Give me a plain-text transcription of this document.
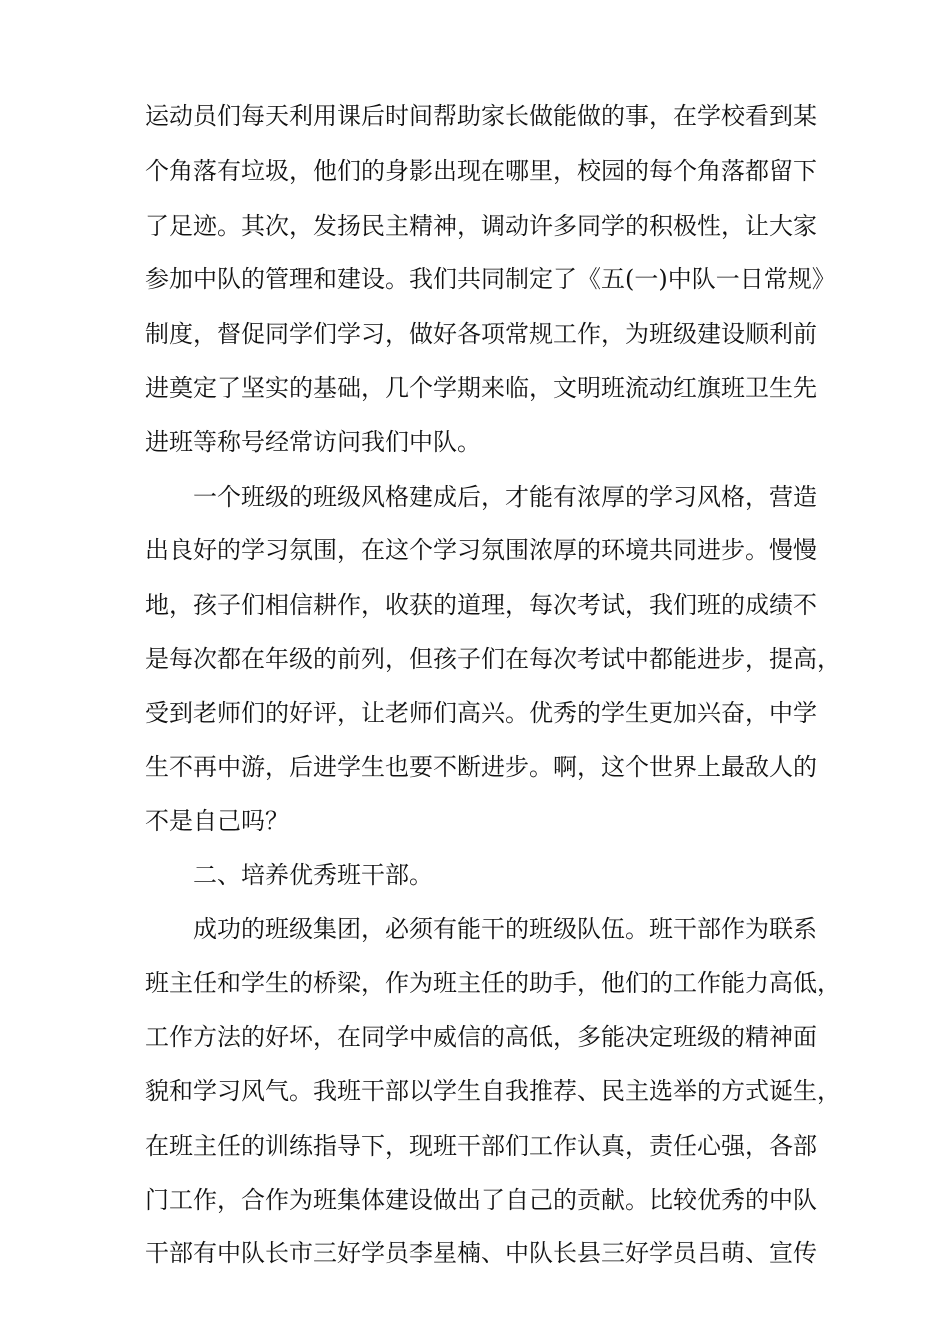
运动员们每天利用课后时间帮助家长做能做的事，在学校看到某
个角落有垃圾，他们的身影出现在哪里，校园的每个角落都留下
了足迹。其次，发扬民主精神，调动许多同学的积极性，让大家
参加中队的管理和建设。我们共同制定了《五(一)中队一日常规》
制度，督促同学们学习，做好各项常规工作，为班级建设顺利前
进奠定了坚实的基础，几个学期来临，文明班流动红旗班卫生先
进班等称号经常访问我们中队。
一个班级的班级风格建成后，才能有浓厚的学习风格，营造
出良好的学习氛围，在这个学习氛围浓厚的环境共同进步。慢慢
地，孩子们相信耕作，收获的道理，每次考试，我们班的成绩不
是每次都在年级的前列，但孩子们在每次考试中都能进步，提高，
受到老师们的好评，让老师们高兴。优秀的学生更加兴奋，中学
生不再中游，后进学生也要不断进步。啊，这个世界上最敌人的
不是自己吗？
二、培养优秀班干部。
成功的班级集团，必须有能干的班级队伍。班干部作为联系
班主任和学生的桥梁，作为班主任的助手，他们的工作能力高低，
工作方法的好坏，在同学中威信的高低，多能决定班级的精神面
貌和学习风气。我班干部以学生自我推荐、民主选举的方式诞生，
在班主任的训练指导下，现班干部们工作认真，责任心强，各部
门工作，合作为班集体建设做出了自己的贡献。比较优秀的中队
干部有中队长市三好学员李星楠、中队长县三好学员吕萌、宣传
